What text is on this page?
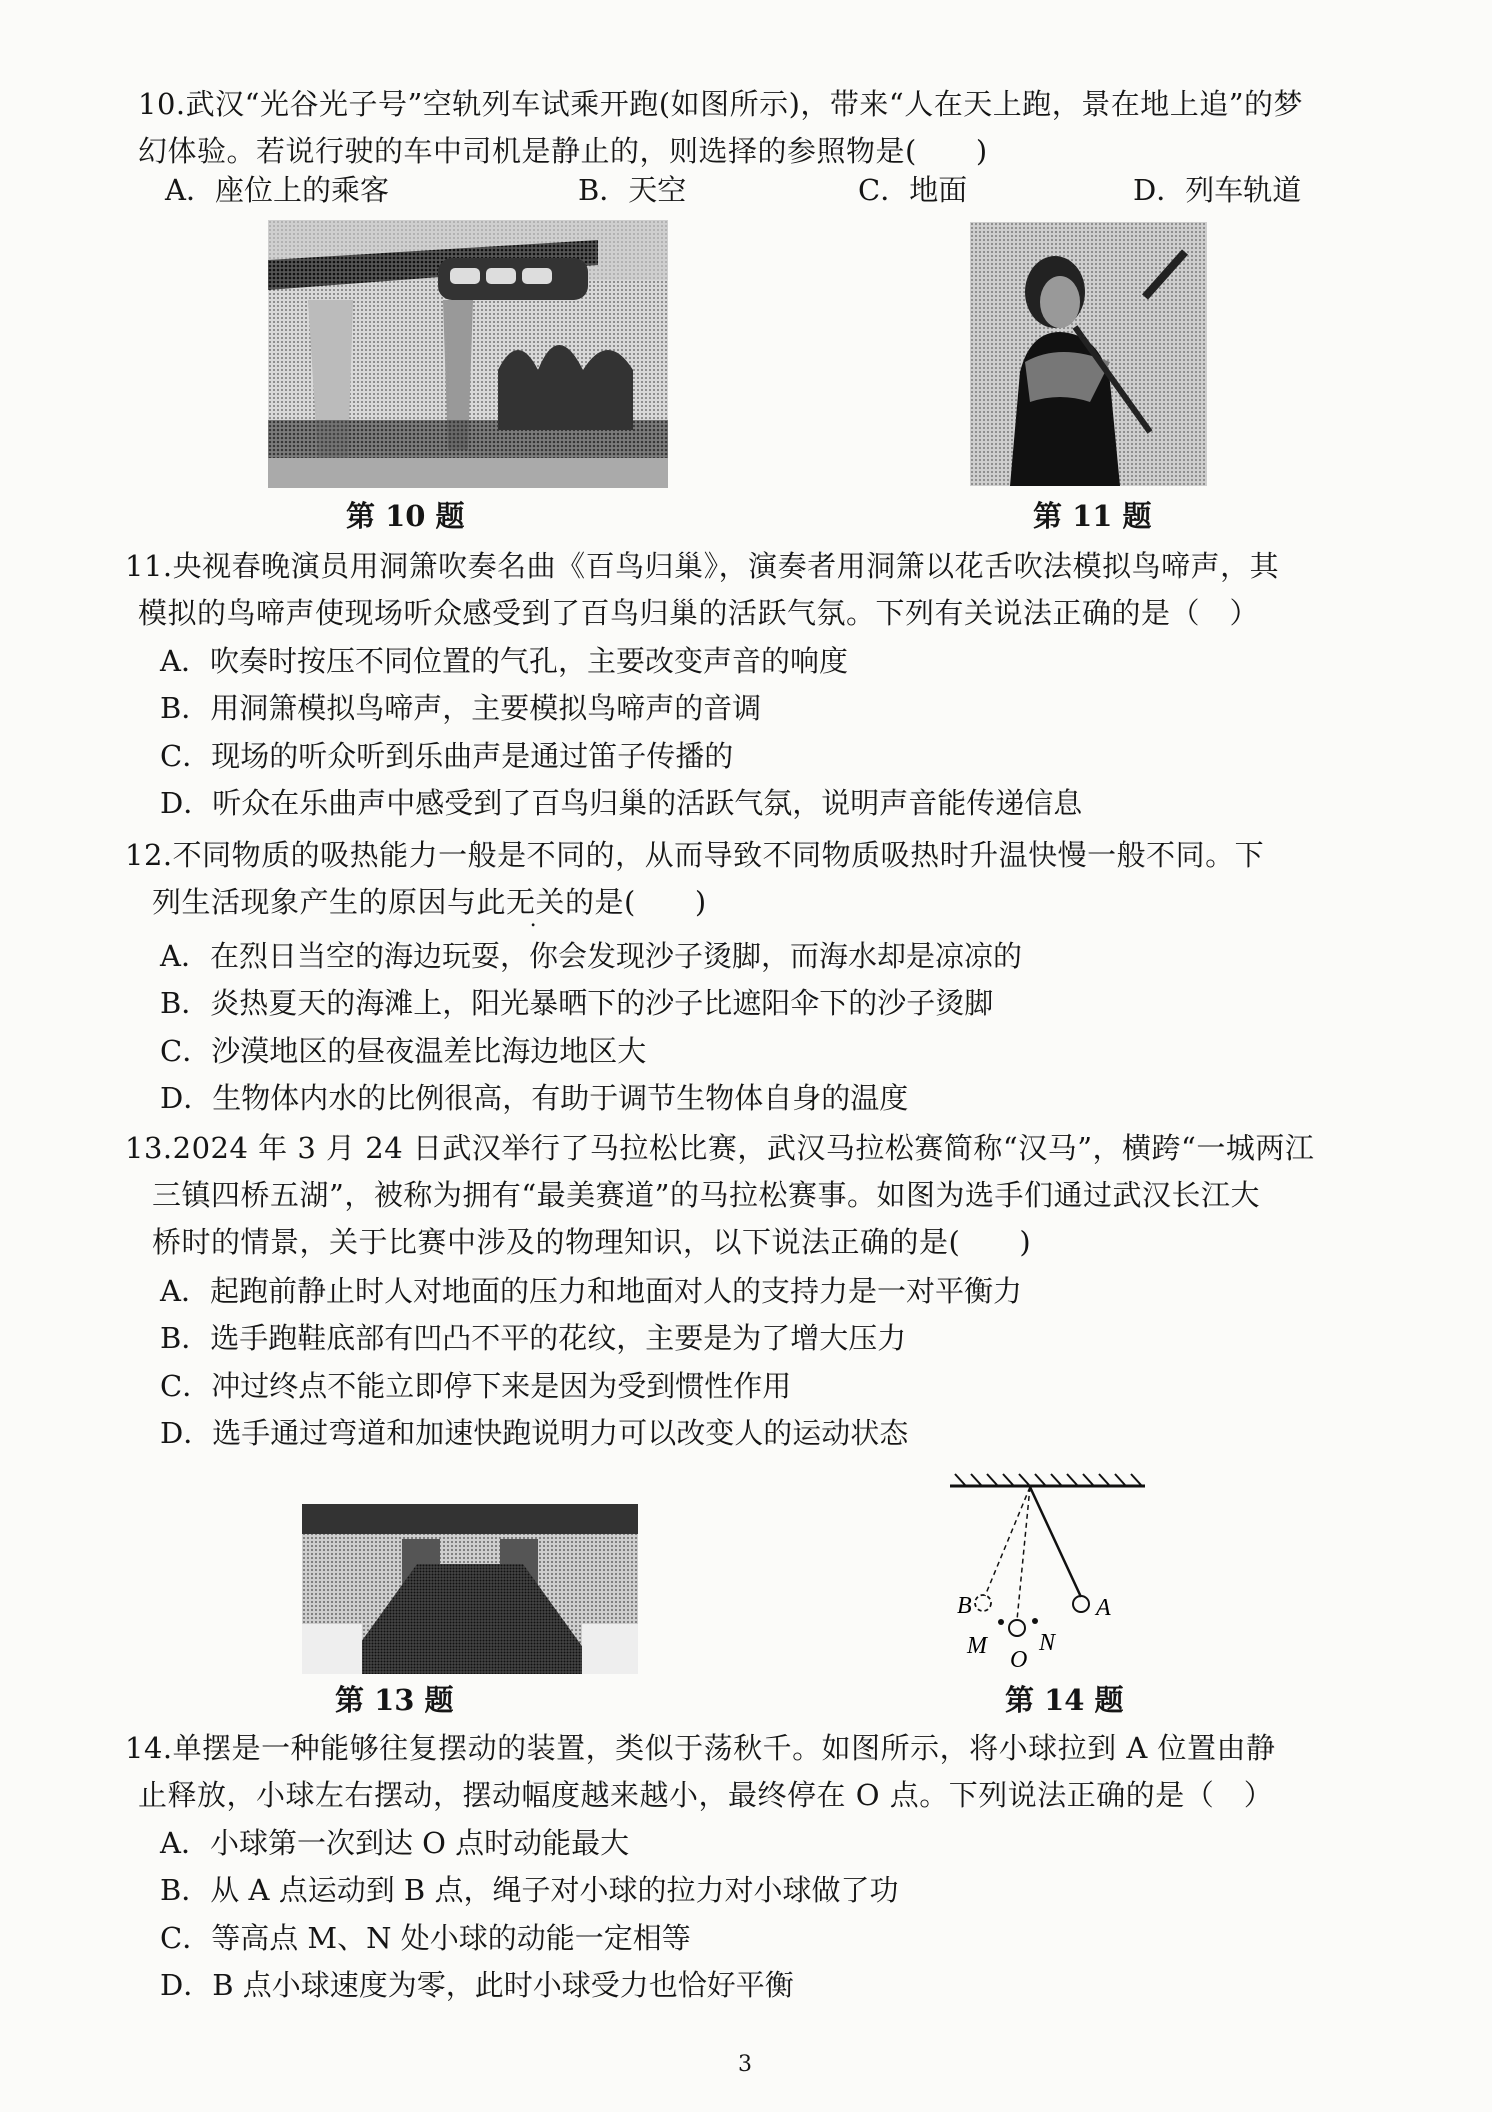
10.武汉“光谷光子号”空轨列车试乘开跑(如图所示)，带来“人在天上跑，景在地上追”的梦
幻体验。若说行驶的车中司机是静止的，则选择的参照物是(　　)
A．座位上的乘客	B．天空	C．地面	D．列车轨道
第 10 题	第 11 题
11.央视春晚演员用洞箫吹奏名曲《百鸟归巢》，演奏者用洞箫以花舌吹法模拟鸟啼声，其
模拟的鸟啼声使现场听众感受到了百鸟归巢的活跃气氛。下列有关说法正确的是（　）
A．吹奏时按压不同位置的气孔，主要改变声音的响度
B．用洞箫模拟鸟啼声，主要模拟鸟啼声的音调
C．现场的听众听到乐曲声是通过笛子传播的
D．听众在乐曲声中感受到了百鸟归巢的活跃气氛，说明声音能传递信息
12.不同物质的吸热能力一般是不同的，从而导致不同物质吸热时升温快慢一般不同。下
列生活现象产生的原因与此无关的是(　　)
A．在烈日当空的海边玩耍，你会发现沙子烫脚，而海水却是凉凉的
B．炎热夏天的海滩上，阳光暴晒下的沙子比遮阳伞下的沙子烫脚
C．沙漠地区的昼夜温差比海边地区大
D．生物体内水的比例很高，有助于调节生物体自身的温度
13.2024 年 3 月 24 日武汉举行了马拉松比赛，武汉马拉松赛简称“汉马”，横跨“一城两江
三镇四桥五湖”，被称为拥有“最美赛道”的马拉松赛事。如图为选手们通过武汉长江大
桥时的情景，关于比赛中涉及的物理知识，以下说法正确的是(　　)
A．起跑前静止时人对地面的压力和地面对人的支持力是一对平衡力
B．选手跑鞋底部有凹凸不平的花纹，主要是为了增大压力
C．冲过终点不能立即停下来是因为受到惯性作用
D．选手通过弯道和加速快跑说明力可以改变人的运动状态
B	A
M N
O
第 13 题	第 14 题
14.单摆是一种能够往复摆动的装置，类似于荡秋千。如图所示，将小球拉到 A 位置由静
止释放，小球左右摆动，摆动幅度越来越小，最终停在 O 点。下列说法正确的是（　）
A．小球第一次到达 O 点时动能最大
B．从 A 点运动到 B 点，绳子对小球的拉力对小球做了功
C．等高点 M、N 处小球的动能一定相等
D．B 点小球速度为零，此时小球受力也恰好平衡
3
